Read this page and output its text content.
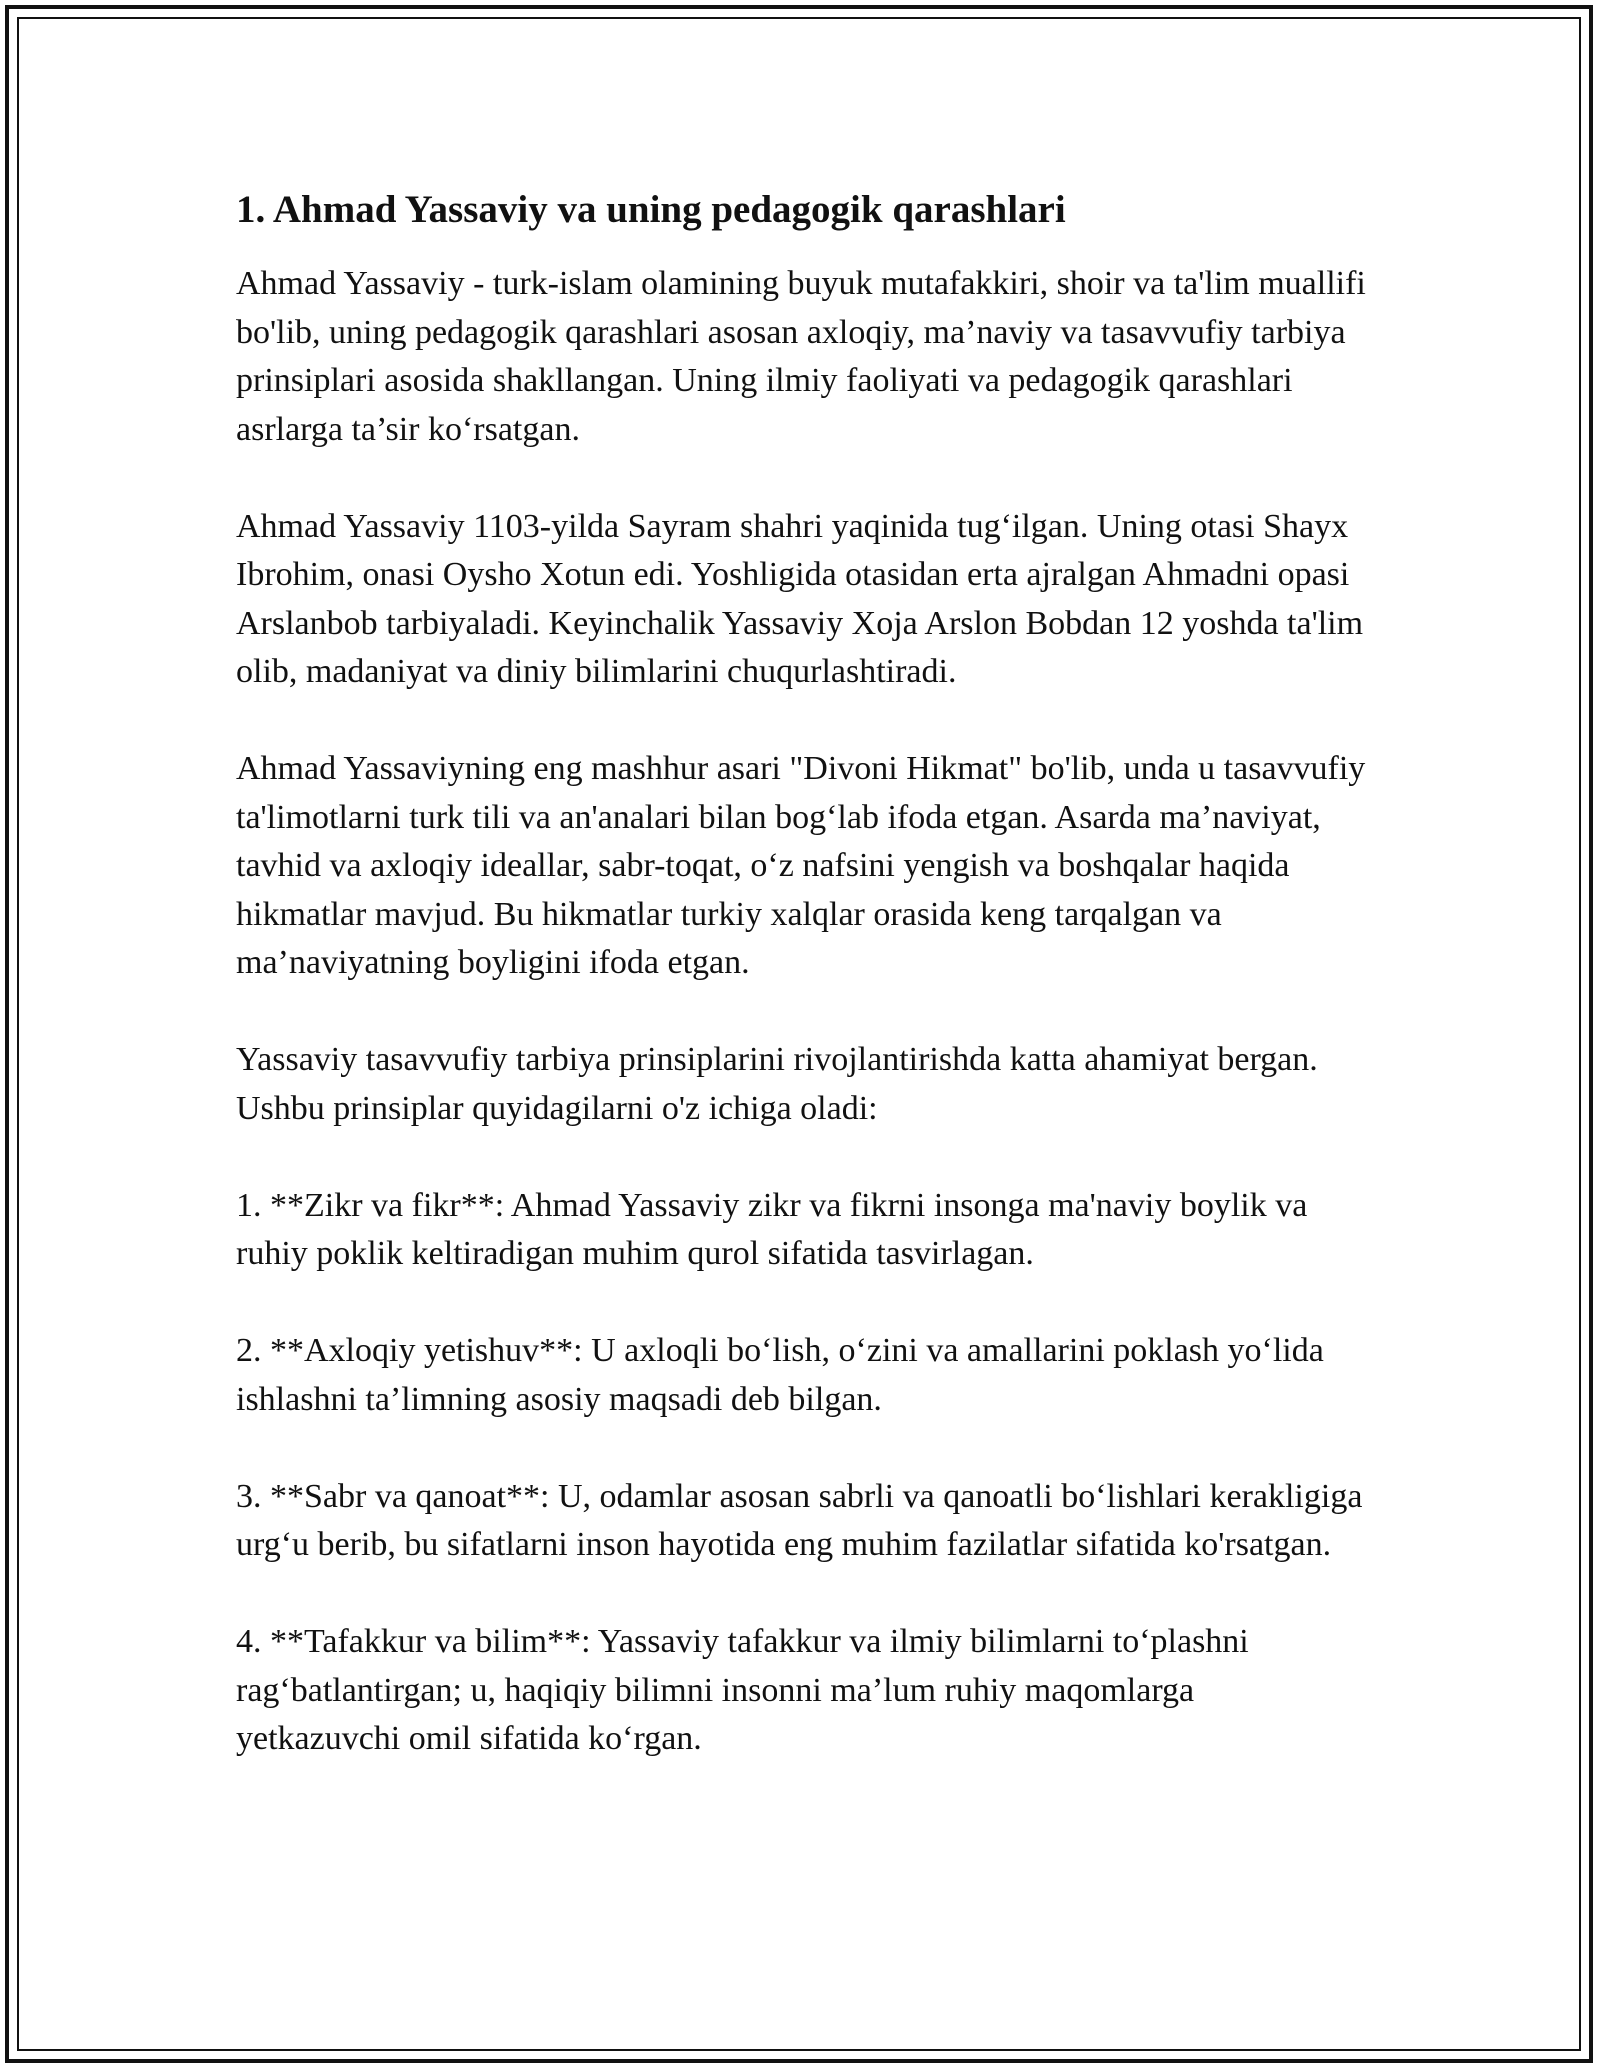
1. Ahmad Yassaviy va uning pedagogik qarashlari

Ahmad Yassaviy - turk-islam olamining buyuk mutafakkiri, shoir va ta'lim muallifi bo'lib, uning pedagogik qarashlari asosan axloqiy, ma’naviy va tasavvufiy tarbiya prinsiplari asosida shakllangan. Uning ilmiy faoliyati va pedagogik qarashlari asrlarga ta’sir ko‘rsatgan.

Ahmad Yassaviy 1103-yilda Sayram shahri yaqinida tug‘ilgan. Uning otasi Shayx Ibrohim, onasi Oysho Xotun edi. Yoshligida otasidan erta ajralgan Ahmadni opasi Arslanbob tarbiyaladi. Keyinchalik Yassaviy Xoja Arslon Bobdan 12 yoshda ta'lim olib, madaniyat va diniy bilimlarini chuqurlashtiradi.

Ahmad Yassaviyning eng mashhur asari "Divoni Hikmat" bo'lib, unda u tasavvufiy ta'limotlarni turk tili va an'analari bilan bog‘lab ifoda etgan. Asarda ma’naviyat, tavhid va axloqiy ideallar, sabr-toqat, o‘z nafsini yengish va boshqalar haqida hikmatlar mavjud. Bu hikmatlar turkiy xalqlar orasida keng tarqalgan va ma’naviyatning boyligini ifoda etgan.

Yassaviy tasavvufiy tarbiya prinsiplarini rivojlantirishda katta ahamiyat bergan. Ushbu prinsiplar quyidagilarni o'z ichiga oladi:

1. **Zikr va fikr**: Ahmad Yassaviy zikr va fikrni insonga ma'naviy boylik va ruhiy poklik keltiradigan muhim qurol sifatida tasvirlagan.

2. **Axloqiy yetishuv**: U axloqli bo‘lish, o‘zini va amallarini poklash yo‘lida ishlashni ta’limning asosiy maqsadi deb bilgan.

3. **Sabr va qanoat**: U, odamlar asosan sabrli va qanoatli bo‘lishlari kerakligiga urg‘u berib, bu sifatlarni inson hayotida eng muhim fazilatlar sifatida ko'rsatgan.

4. **Tafakkur va bilim**: Yassaviy tafakkur va ilmiy bilimlarni to‘plashni rag‘batlantirgan; u, haqiqiy bilimni insonni ma’lum ruhiy maqomlarga yetkazuvchi omil sifatida ko‘rgan.
